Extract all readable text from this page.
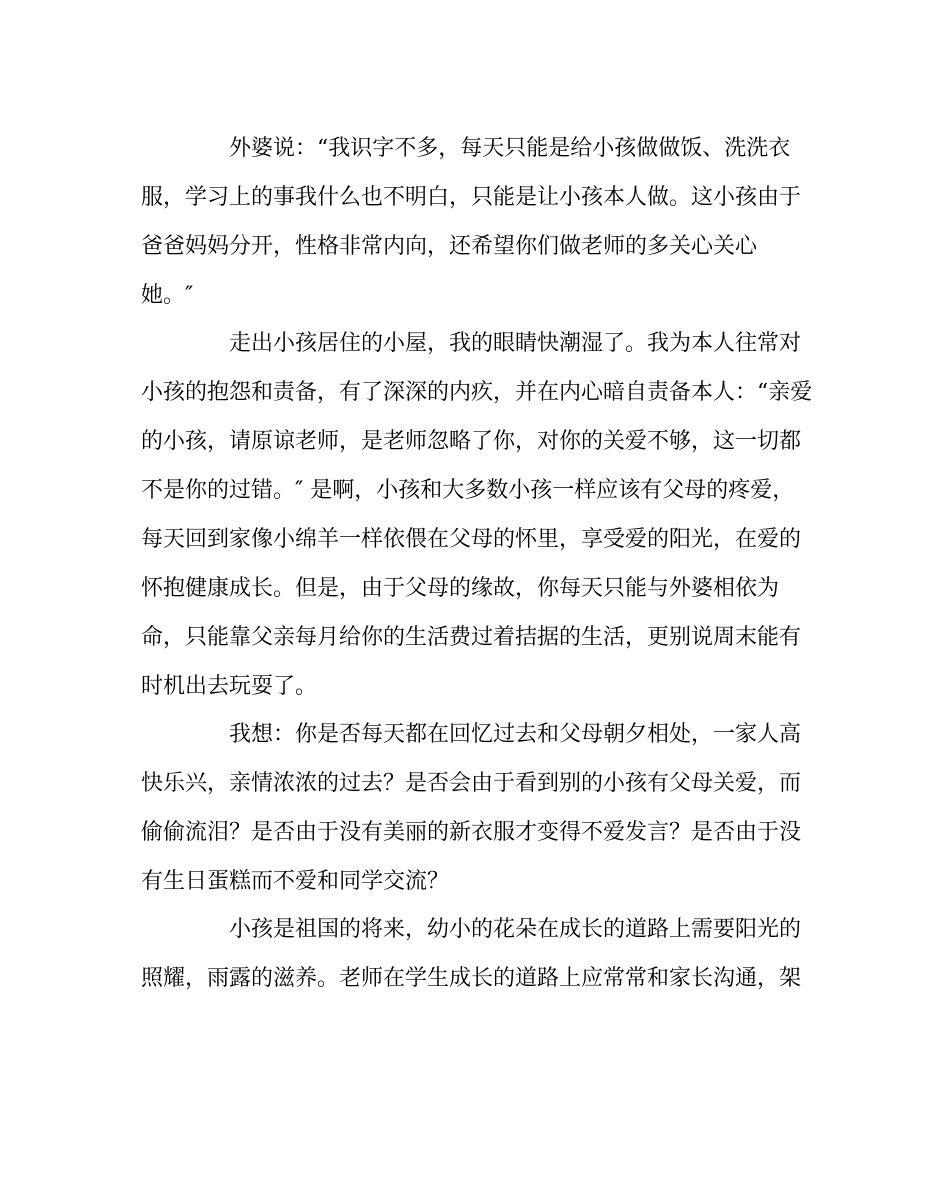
外婆说：“我识字不多，每天只能是给小孩做做饭、洗洗衣
服，学习上的事我什么也不明白，只能是让小孩本人做。这小孩由于
爸爸妈妈分开，性格非常内向，还希望你们做老师的多关心关心
她。″
走出小孩居住的小屋，我的眼睛快潮湿了。我为本人往常对
小孩的抱怨和责备，有了深深的内疚，并在内心暗自责备本人：“亲爱
的小孩，请原谅老师，是老师忽略了你，对你的关爱不够，这一切都
不是你的过错。″ 是啊，小孩和大多数小孩一样应该有父母的疼爱，
每天回到家像小绵羊一样依偎在父母的怀里，享受爱的阳光，在爱的
怀抱健康成长。但是，由于父母的缘故，你每天只能与外婆相依为
命，只能靠父亲每月给你的生活费过着拮据的生活，更别说周末能有
时机出去玩耍了。
我想：你是否每天都在回忆过去和父母朝夕相处，一家人高
快乐兴，亲情浓浓的过去？是否会由于看到别的小孩有父母关爱，而
偷偷流泪？是否由于没有美丽的新衣服才变得不爱发言？是否由于没
有生日蛋糕而不爱和同学交流？
小孩是祖国的将来，幼小的花朵在成长的道路上需要阳光的
照耀，雨露的滋养。老师在学生成长的道路上应常常和家长沟通，架
